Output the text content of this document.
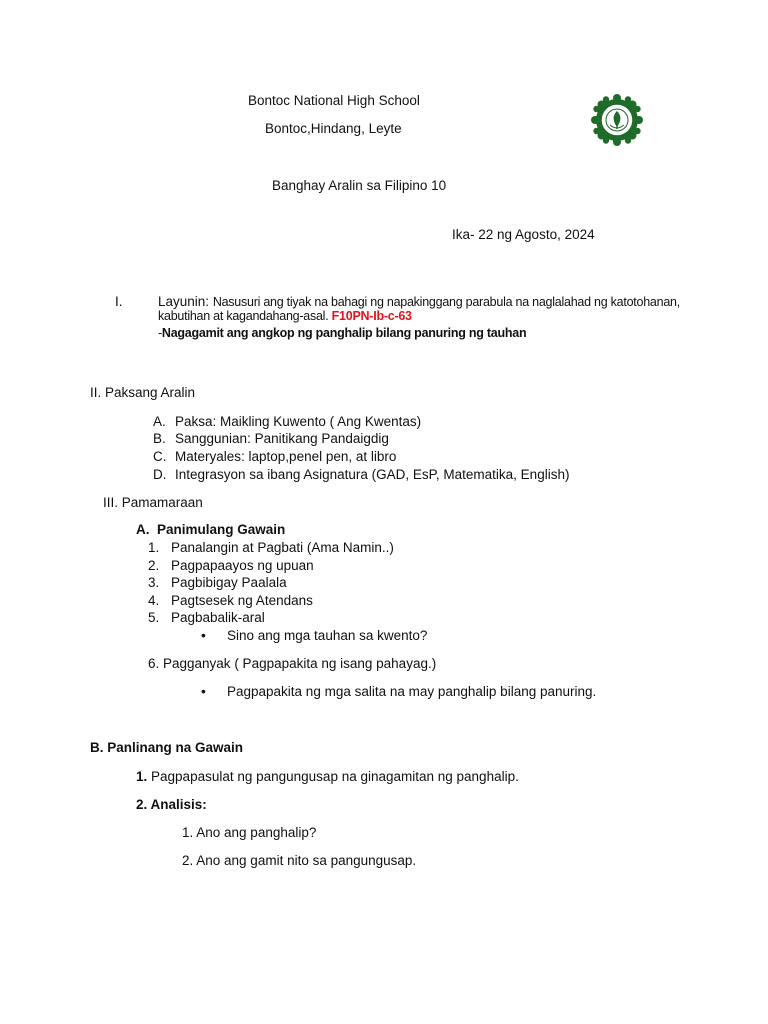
Bontoc National High School
Bontoc,Hindang, Leyte
Banghay Aralin sa Filipino 10
Ika- 22 ng Agosto, 2024
I.	Layunin: Nasusuri ang tiyak na bahagi ng napakinggang parabula na naglalahad ng katotohanan,
kabutihan at kagandahang-asal. F10PN-Ib-c-63
-Nagagamit ang angkop ng panghalip bilang panuring ng tauhan
II. Paksang Aralin
A. Paksa: Maikling Kuwento ( Ang Kwentas)
B. Sanggunian: Panitikang Pandaigdig
C. Materyales: laptop,penel pen, at libro
D. Integrasyon sa ibang Asignatura (GAD, EsP, Matematika, English)
III. Pamamaraan
A. Panimulang Gawain
1. Panalangin at Pagbati (Ama Namin..)
2. Pagpapaayos ng upuan
3. Pagbibigay Paalala
4. Pagtsesek ng Atendans
5. Pagbabalik-aral
• Sino ang mga tauhan sa kwento?
6. Pagganyak ( Pagpapakita ng isang pahayag.)
• Pagpapakita ng mga salita na may panghalip bilang panuring.
B. Panlinang na Gawain
1. Pagpapasulat ng pangungusap na ginagamitan ng panghalip.
2. Analisis:
1. Ano ang panghalip?
2. Ano ang gamit nito sa pangungusap.
